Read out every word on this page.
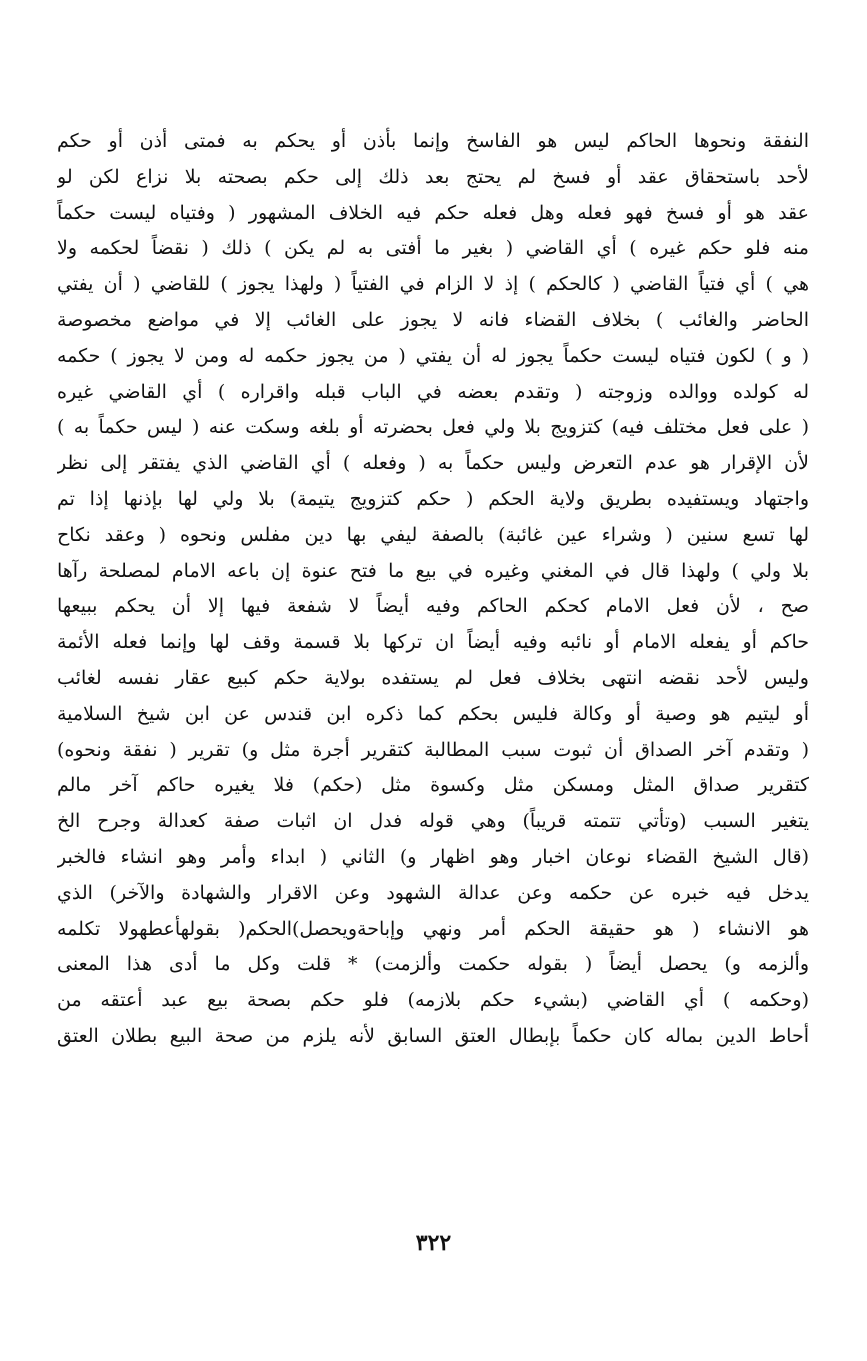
النفقة ونحوها الحاكم ليس هو الفاسخ وإنما بأذن أو يحكم به فمتى أذن أو حكم
لأحد باستحقاق عقد أو فسخ لم يحتج بعد ذلك إلى حكم بصحته بلا نزاع لكن لو
عقد هو أو فسخ فهو فعله وهل فعله حكم فيه الخلاف المشهور ( وفتياه ليست حكماً
منه فلو حكم غيره ) أي القاضي ( بغير ما أفتى به لم يكن ) ذلك ( نقضاً لحكمه ولا
هي ) أي فتياً القاضي ( كالحكم ) إذ لا الزام في الفتياً ( ولهذا يجوز ) للقاضي ( أن يفتي
الحاضر والغائب ) بخلاف القضاء فانه لا يجوز على الغائب إلا في مواضع مخصوصة
( و ) لكون فتياه ليست حكماً يجوز له أن يفتي ( من يجوز حكمه له ومن لا يجوز ) حكمه
له كولده ووالده وزوجته ( وتقدم بعضه في الباب قبله واقراره ) أي القاضي غيره
( على فعل مختلف فيه) كتزويج بلا ولي فعل بحضرته أو بلغه وسكت عنه ( ليس حكماً به )
لأن الإقرار هو عدم التعرض وليس حكماً به ( وفعله ) أي القاضي الذي يفتقر إلى نظر
واجتهاد ويستفيده بطريق ولاية الحكم ( حكم كتزويج يتيمة) بلا ولي لها بإذنها إذا تم
لها تسع سنين ( وشراء عين غائبة) بالصفة ليفي بها دين مفلس ونحوه ( وعقد نكاح
بلا ولي ) ولهذا قال في المغني وغيره في بيع ما فتح عنوة إن باعه الامام لمصلحة رآها
صح ، لأن فعل الامام كحكم الحاكم وفيه أيضاً لا شفعة فيها إلا أن يحكم ببيعها
حاكم أو يفعله الامام أو نائبه وفيه أيضاً ان تركها بلا قسمة وقف لها وإنما فعله الأئمة
وليس لأحد نقضه انتهى بخلاف فعل لم يستفده بولاية حكم كبيع عقار نفسه لغائب
أو ليتيم هو وصية أو وكالة فليس بحكم كما ذكره ابن قندس عن ابن شيخ السلامية
( وتقدم آخر الصداق أن ثبوت سبب المطالبة كتقرير أجرة مثل و) تقرير ( نفقة ونحوه)
كتقرير صداق المثل ومسكن مثل وكسوة مثل (حكم) فلا يغيره حاكم آخر مالم
يتغير السبب (وتأتي تتمته قريباً) وهي قوله فدل ان اثبات صفة كعدالة وجرح الخ
(قال الشيخ القضاء نوعان اخبار وهو اظهار و) الثاني ( ابداء وأمر وهو انشاء فالخبر
يدخل فيه خبره عن حكمه وعن عدالة الشهود وعن الاقرار والشهادة والآخر) الذي
هو الانشاء ( هو حقيقة الحكم أمر ونهي وإباحةويحصل)الحكم( بقولهأعطهولا تكلمه
وألزمه و) يحصل أيضاً ( بقوله حكمت وألزمت) * قلت وكل ما أدى هذا المعنى
(وحكمه ) أي القاضي (بشيء حكم بلازمه) فلو حكم بصحة بيع عبد أعتقه من
أحاط الدين بماله كان حكماً بإبطال العتق السابق لأنه يلزم من صحة البيع بطلان العتق
٣٢٢
